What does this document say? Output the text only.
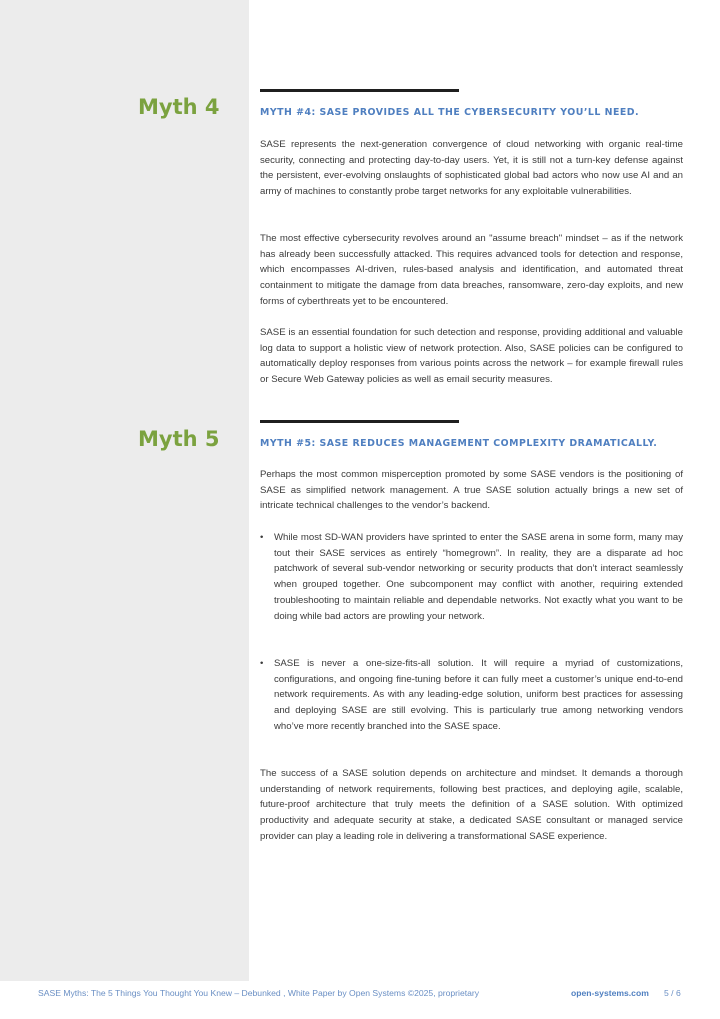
Myth 4	MYTH #4: SASE PROVIDES ALL THE CYBERSECURITY YOU’LL NEED.

SASE represents the next-generation convergence of cloud networking with organic real-time security, connecting and protecting day-to-day users. Yet, it is still not a turn-key defense against the persistent, ever-evolving onslaughts of sophisticated global bad actors who now use AI and an army of machines to constantly probe target networks for any exploitable vulnerabilities.

The most effective cybersecurity revolves around an "assume breach" mindset – as if the network has already been successfully attacked. This requires advanced tools for detection and response, which encompasses AI-driven, rules-based analysis and identification, and automated threat containment to mitigate the damage from data breaches, ransomware, zero-day exploits, and new forms of cyberthreats yet to be encountered.

SASE is an essential foundation for such detection and response, providing additional and valuable log data to support a holistic view of network protection. Also, SASE policies can be configured to automatically deploy responses from various points across the network – for example firewall rules or Secure Web Gateway policies as well as email security measures.

Myth 5	MYTH #5: SASE REDUCES MANAGEMENT COMPLEXITY DRAMATICALLY.

Perhaps the most common misperception promoted by some SASE vendors is the positioning of SASE as simplified network management. A true SASE solution actually brings a new set of intricate technical challenges to the vendor’s backend.

•	While most SD-WAN providers have sprinted to enter the SASE arena in some form, many may tout their SASE services as entirely “homegrown”. In reality, they are a disparate ad hoc patchwork of several sub-vendor networking or security products that don’t interact seamlessly when grouped together. One subcomponent may conflict with another, requiring extended troubleshooting to maintain reliable and dependable networks. Not exactly what you want to be doing while bad actors are prowling your network.
•	SASE is never a one-size-fits-all solution. It will require a myriad of customizations, configurations, and ongoing fine-tuning before it can fully meet a customer’s unique end-to-end network requirements. As with any leading-edge solution, uniform best practices for assessing and deploying SASE are still evolving. This is particularly true among networking vendors who’ve more recently branched into the SASE space.

The success of a SASE solution depends on architecture and mindset. It demands a thorough understanding of network requirements, following best practices, and deploying agile, scalable, future-proof architecture that truly meets the definition of a SASE solution. With optimized productivity and adequate security at stake, a dedicated SASE consultant or managed service provider can play a leading role in delivering a transformational SASE experience.

SASE Myths: The 5 Things You Thought You Knew – Debunked , White Paper by Open Systems ©2025, proprietary	open-systems.com 5 / 6
